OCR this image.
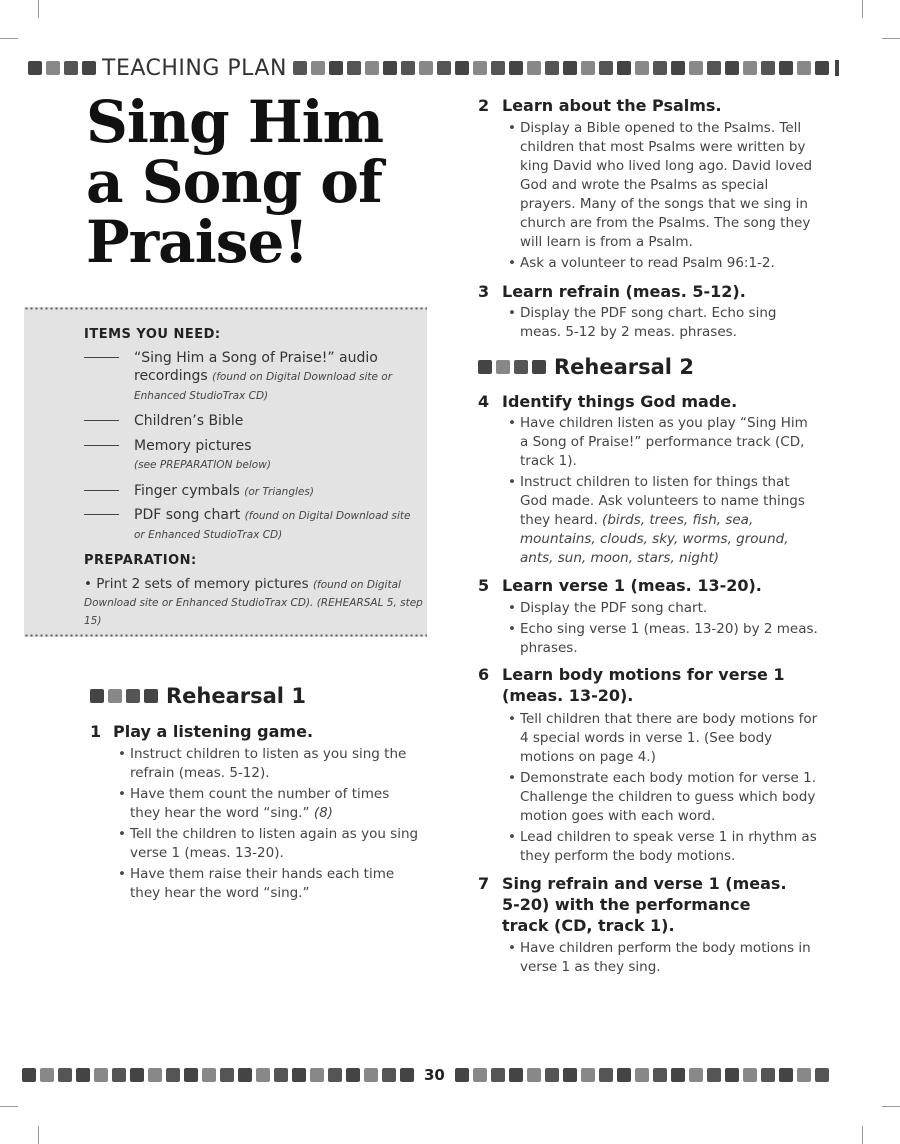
TEACHING PLAN
Sing Him
a Song of
Praise!
ITEMS YOU NEED:
“Sing Him a Song of Praise!” audio recordings (found on Digital Download site or Enhanced StudioTrax CD)
Children’s Bible
Memory pictures
(see PREPARATION below)
Finger cymbals (or Triangles)
PDF song chart (found on Digital Download site or Enhanced StudioTrax CD)
PREPARATION:
• Print 2 sets of memory pictures (found on Digital Download site or Enhanced StudioTrax CD). (REHEARSAL 5, step 15)
Rehearsal 1
1 Play a listening game.
• Instruct children to listen as you sing the refrain (meas. 5-12).
• Have them count the number of times they hear the word “sing.” (8)
• Tell the children to listen again as you sing verse 1 (meas. 13-20).
• Have them raise their hands each time they hear the word “sing.”
2 Learn about the Psalms.
• Display a Bible opened to the Psalms. Tell children that most Psalms were written by king David who lived long ago. David loved God and wrote the Psalms as special prayers. Many of the songs that we sing in church are from the Psalms. The song they will learn is from a Psalm.
• Ask a volunteer to read Psalm 96:1-2.
3 Learn refrain (meas. 5-12).
• Display the PDF song chart. Echo sing meas. 5-12 by 2 meas. phrases.
Rehearsal 2
4 Identify things God made.
• Have children listen as you play “Sing Him a Song of Praise!” performance track (CD, track 1).
• Instruct children to listen for things that God made. Ask volunteers to name things they heard. (birds, trees, fish, sea, mountains, clouds, sky, worms, ground, ants, sun, moon, stars, night)
5 Learn verse 1 (meas. 13-20).
• Display the PDF song chart.
• Echo sing verse 1 (meas. 13-20) by 2 meas. phrases.
6 Learn body motions for verse 1 (meas. 13-20).
• Tell children that there are body motions for 4 special words in verse 1. (See body motions on page 4.)
• Demonstrate each body motion for verse 1. Challenge the children to guess which body motion goes with each word.
• Lead children to speak verse 1 in rhythm as they perform the body motions.
7 Sing refrain and verse 1 (meas. 5-20) with the performance track (CD, track 1).
• Have children perform the body motions in verse 1 as they sing.
30
